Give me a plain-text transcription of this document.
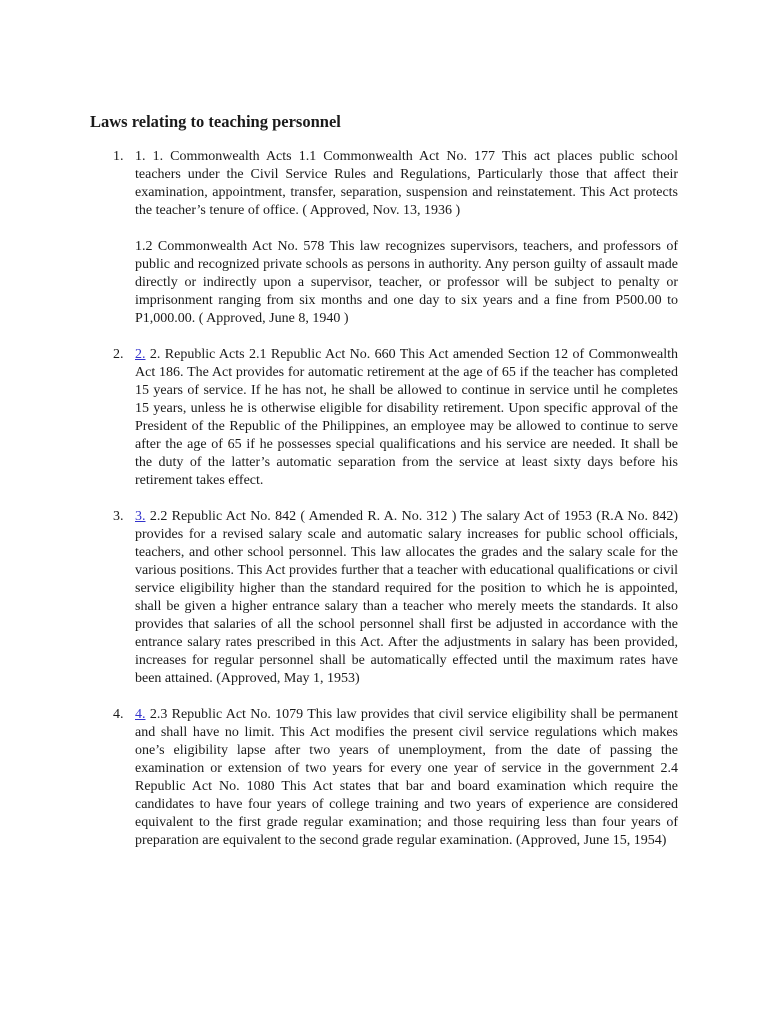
Laws relating to teaching personnel
1. 1. 1. Commonwealth Acts 1.1 Commonwealth Act No. 177 This act places public school teachers under the Civil Service Rules and Regulations, Particularly those that affect their examination, appointment, transfer, separation, suspension and reinstatement. This Act protects the teacher’s tenure of office. ( Approved, Nov. 13, 1936 )

1.2 Commonwealth Act No. 578 This law recognizes supervisors, teachers, and professors of public and recognized private schools as persons in authority. Any person guilty of assault made directly or indirectly upon a supervisor, teacher, or professor will be subject to penalty or imprisonment ranging from six months and one day to six years and a fine from P500.00 to P1,000.00. ( Approved, June 8, 1940 )

2. 2. 2. Republic Acts 2.1 Republic Act No. 660 This Act amended Section 12 of Commonwealth Act 186. The Act provides for automatic retirement at the age of 65 if the teacher has completed 15 years of service. If he has not, he shall be allowed to continue in service until he completes 15 years, unless he is otherwise eligible for disability retirement. Upon specific approval of the President of the Republic of the Philippines, an employee may be allowed to continue to serve after the age of 65 if he possesses special qualifications and his service are needed. It shall be the duty of the latter’s automatic separation from the service at least sixty days before his retirement takes effect.

3. 3. 2.2 Republic Act No. 842 ( Amended R. A. No. 312 ) The salary Act of 1953 (R.A No. 842) provides for a revised salary scale and automatic salary increases for public school officials, teachers, and other school personnel. This law allocates the grades and the salary scale for the various positions. This Act provides further that a teacher with educational qualifications or civil service eligibility higher than the standard required for the position to which he is appointed, shall be given a higher entrance salary than a teacher who merely meets the standards. It also provides that salaries of all the school personnel shall first be adjusted in accordance with the entrance salary rates prescribed in this Act. After the adjustments in salary has been provided, increases for regular personnel shall be automatically effected until the maximum rates have been attained. (Approved, May 1, 1953)

4. 4. 2.3 Republic Act No. 1079 This law provides that civil service eligibility shall be permanent and shall have no limit. This Act modifies the present civil service regulations which makes one’s eligibility lapse after two years of unemployment, from the date of passing the examination or extension of two years for every one year of service in the government 2.4 Republic Act No. 1080 This Act states that bar and board examination which require the candidates to have four years of college training and two years of experience are considered equivalent to the first grade regular examination; and those requiring less than four years of preparation are equivalent to the second grade regular examination. (Approved, June 15, 1954)
